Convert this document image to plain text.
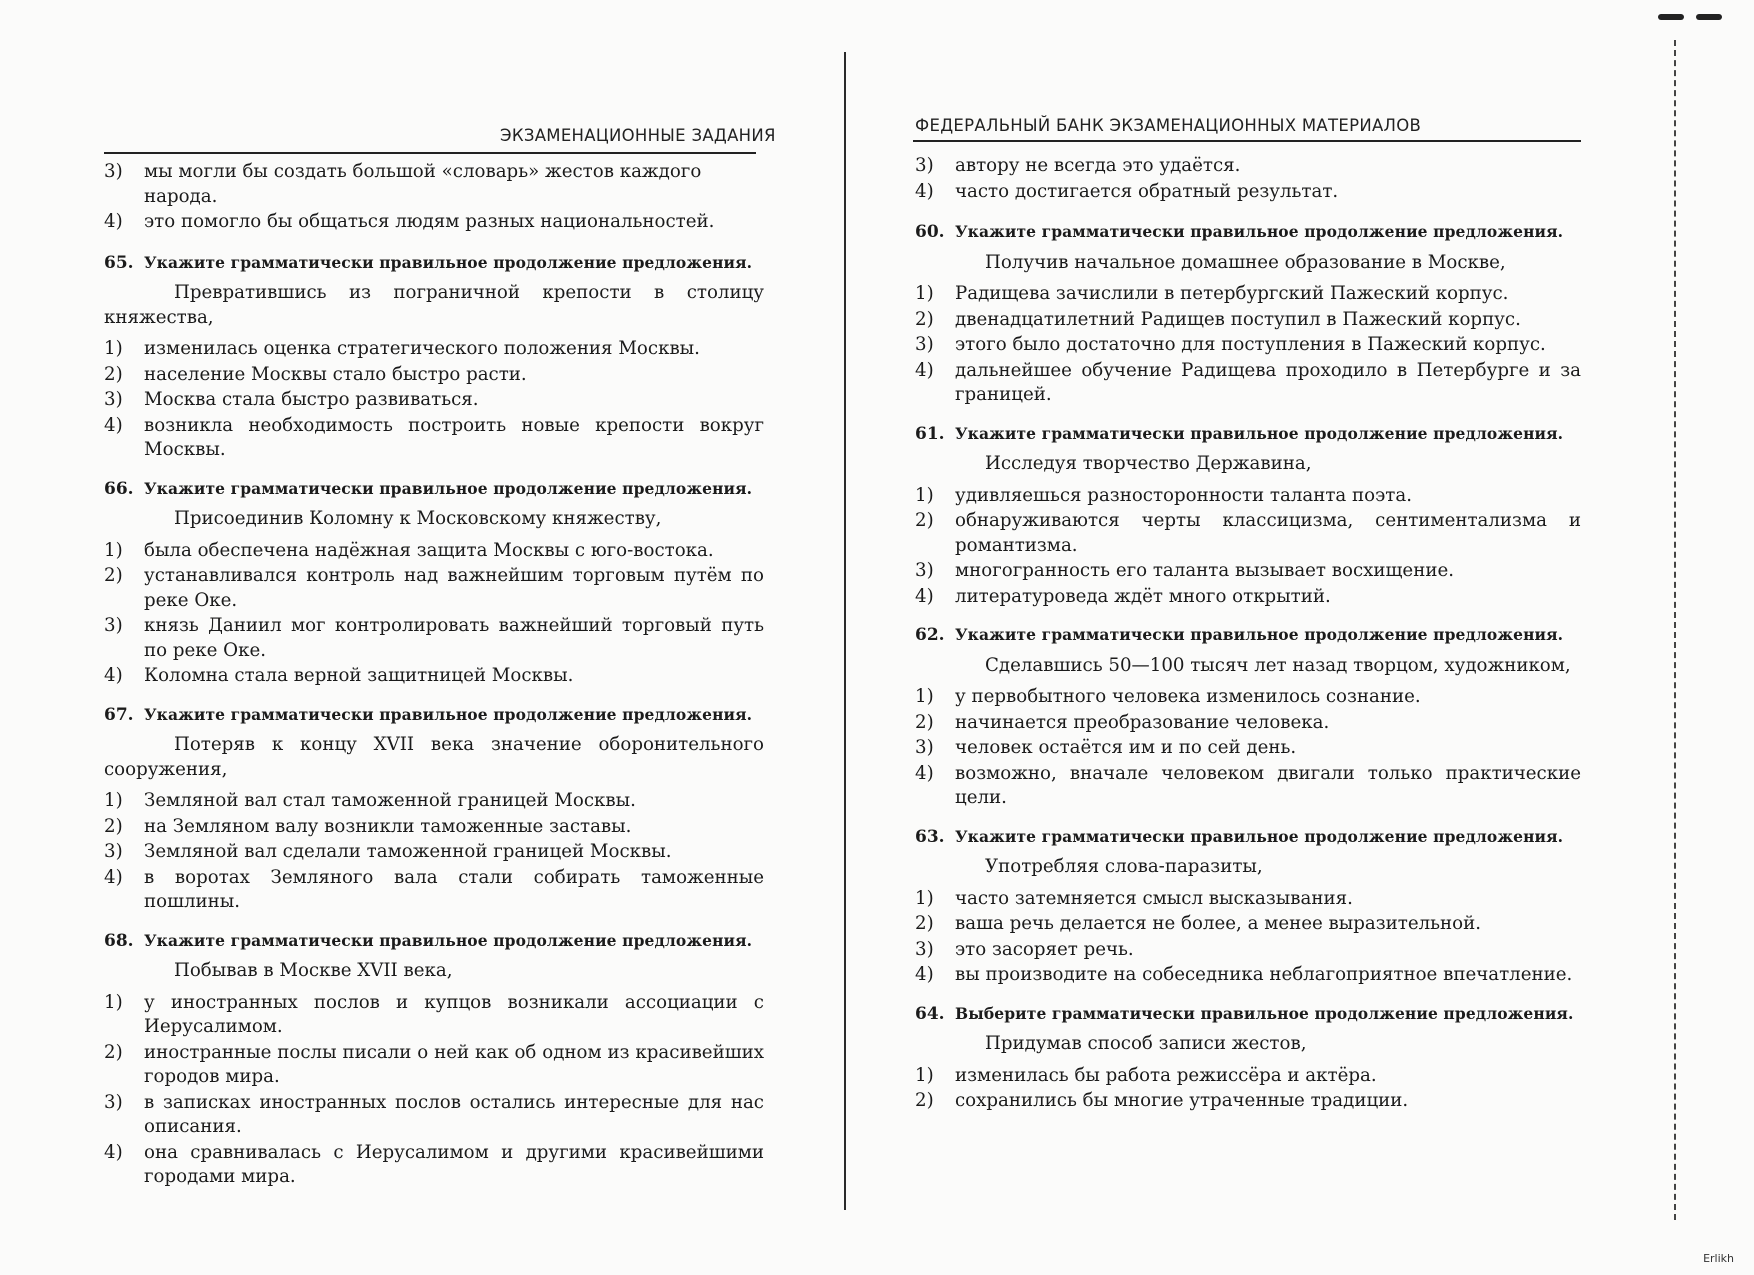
ЭКЗАМЕНАЦИОННЫЕ ЗАДАНИЯ
3) мы могли бы создать большой «словарь» жестов каждого народа.
4) это помогло бы общаться людям разных национальностей.
65. Укажите грамматически правильное продолжение предложения.
Превратившись из пограничной крепости в столицу княжества,
1) изменилась оценка стратегического положения Москвы.
2) население Москвы стало быстро расти.
3) Москва стала быстро развиваться.
4) возникла необходимость построить новые крепости вокруг Москвы.
66. Укажите грамматически правильное продолжение предложения.
Присоединив Коломну к Московскому княжеству,
1) была обеспечена надёжная защита Москвы с юго-востока.
2) устанавливался контроль над важнейшим торговым путём по реке Оке.
3) князь Даниил мог контролировать важнейший торговый путь по реке Оке.
4) Коломна стала верной защитницей Москвы.
67. Укажите грамматически правильное продолжение предложения.
Потеряв к концу XVII века значение оборонительного сооружения,
1) Земляной вал стал таможенной границей Москвы.
2) на Земляном валу возникли таможенные заставы.
3) Земляной вал сделали таможенной границей Москвы.
4) в воротах Земляного вала стали собирать таможенные пошлины.
68. Укажите грамматически правильное продолжение предложения.
Побывав в Москве XVII века,
1) у иностранных послов и купцов возникали ассоциации с Иерусалимом.
2) иностранные послы писали о ней как об одном из красивейших городов мира.
3) в записках иностранных послов остались интересные для нас описания.
4) она сравнивалась с Иерусалимом и другими красивейшими городами мира.
ФЕДЕРАЛЬНЫЙ БАНК ЭКЗАМЕНАЦИОННЫХ МАТЕРИАЛОВ
3) автору не всегда это удаётся.
4) часто достигается обратный результат.
60. Укажите грамматически правильное продолжение предложения.
Получив начальное домашнее образование в Москве,
1) Радищева зачислили в петербургский Пажеский корпус.
2) двенадцатилетний Радищев поступил в Пажеский корпус.
3) этого было достаточно для поступления в Пажеский корпус.
4) дальнейшее обучение Радищева проходило в Петербурге и за границей.
61. Укажите грамматически правильное продолжение предложения.
Исследуя творчество Державина,
1) удивляешься разносторонности таланта поэта.
2) обнаруживаются черты классицизма, сентиментализма и романтизма.
3) многогранность его таланта вызывает восхищение.
4) литературоведа ждёт много открытий.
62. Укажите грамматически правильное продолжение предложения.
Сделавшись 50—100 тысяч лет назад творцом, художником,
1) у первобытного человека изменилось сознание.
2) начинается преобразование человека.
3) человек остаётся им и по сей день.
4) возможно, вначале человеком двигали только практические цели.
63. Укажите грамматически правильное продолжение предложения.
Употребляя слова-паразиты,
1) часто затемняется смысл высказывания.
2) ваша речь делается не более, а менее выразительной.
3) это засоряет речь.
4) вы производите на собеседника неблагоприятное впечатление.
64. Выберите грамматически правильное продолжение предложения.
Придумав способ записи жестов,
1) изменилась бы работа режиссёра и актёра.
2) сохранились бы многие утраченные традиции.
Erlikh
